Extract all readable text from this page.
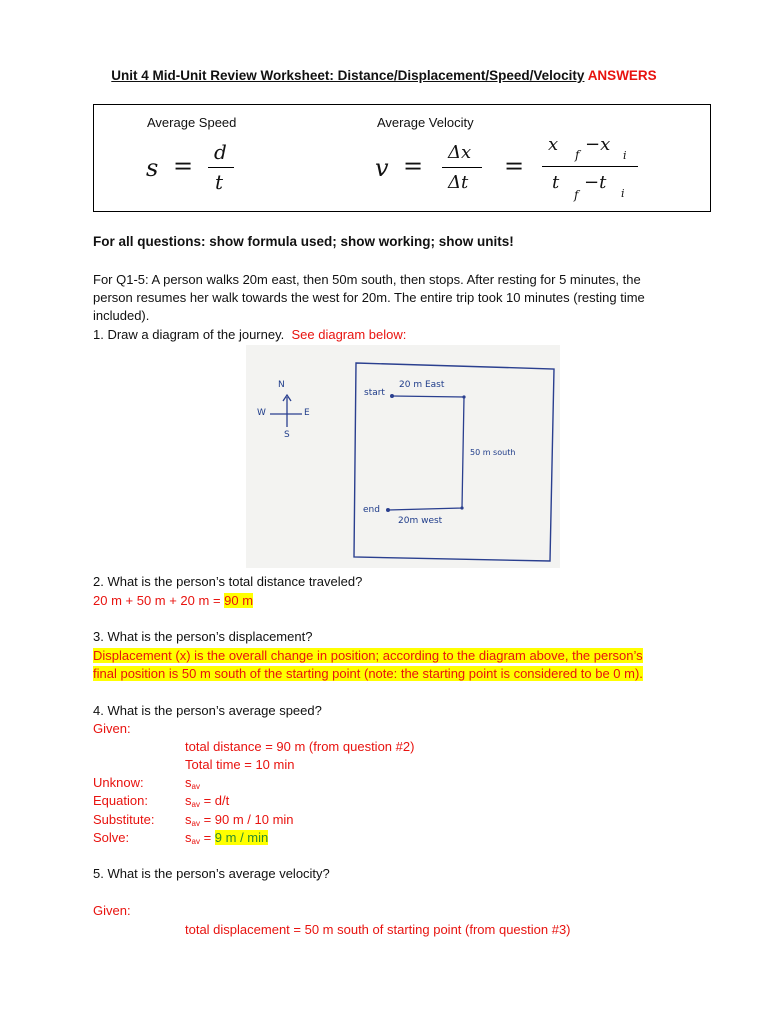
Unit 4 Mid-Unit Review Worksheet: Distance/Displacement/Speed/Velocity ANSWERS
Average Speed	Average Velocity
s = d
t	v = Δx
Δt
=
x f −x
i
t
f
−t
i
For all questions: show formula used; show working; show units!
For Q1-5: A person walks 20m east, then 50m south, then stops. After resting for 5 minutes, the
person resumes her walk towards the west for 20m. The entire trip took 10 minutes (resting time
included).
1. Draw a diagram of the journey. See diagram below:
N
S
W	E
start
20 m East
50 m south
end
20m west
2. What is the person’s total distance traveled?
20 m + 50 m + 20 m = 90 m
3. What is the person’s displacement?
Displacement (x) is the overall change in position; according to the diagram above, the person’s
final position is 50 m south of the starting point (note: the starting point is considered to be 0 m).
4. What is the person’s average speed?
Given:
total distance = 90 m (from question #2)
Total time = 10 min
Unknow:	$s_{av}$
Equation:	$s_{av} = d/t$
Substitute: $s_{av} = 90$ m / 10 min
Solve:	$s_{av} = 9$ m / min
5. What is the person’s average velocity?
Given:
total displacement = 50 m south of starting point (from question #3)
